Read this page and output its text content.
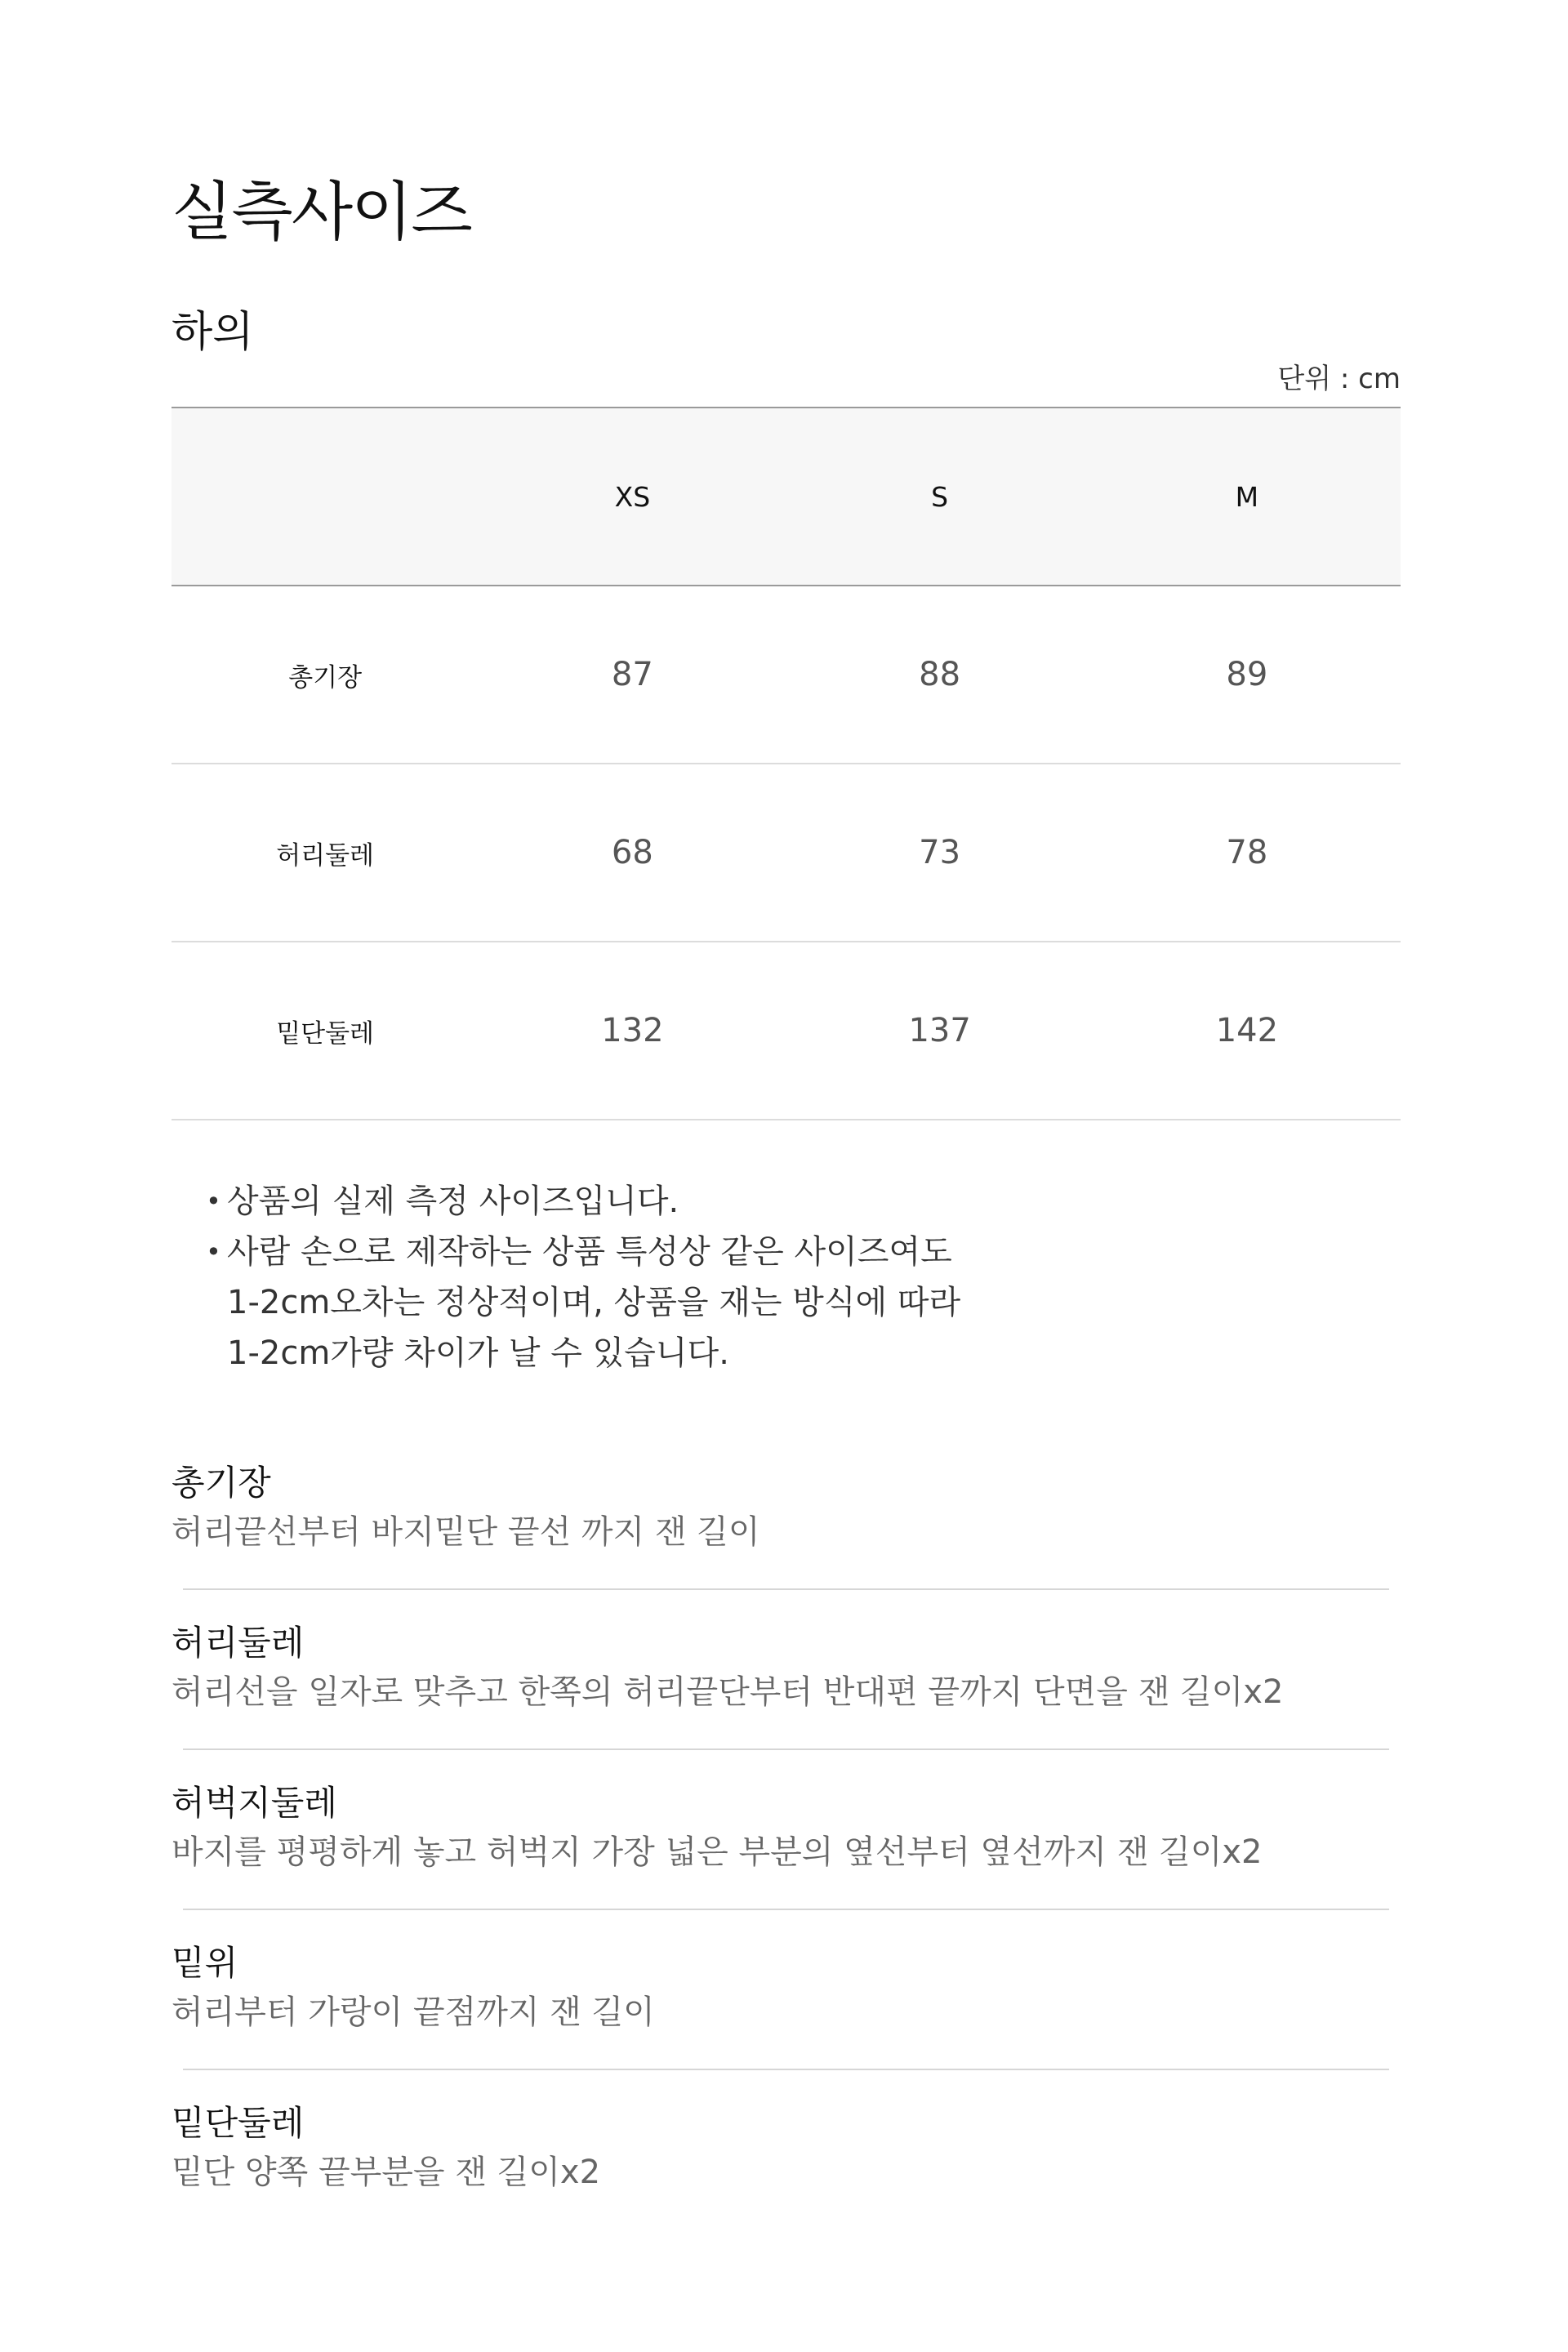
실측사이즈
하의
단위 : cm
	XS	S	M
총기장	87	88	89
허리둘레	68	73	78
밑단둘레	132	137	142
• 상품의 실제 측정 사이즈입니다.
• 사람 손으로 제작하는 상품 특성상 같은 사이즈여도
1-2cm오차는 정상적이며, 상품을 재는 방식에 따라
1-2cm가량 차이가 날 수 있습니다.
총기장
허리끝선부터 바지밑단 끝선 까지 잰 길이
허리둘레
허리선을 일자로 맞추고 한쪽의 허리끝단부터 반대편 끝까지 단면을 잰 길이x2
허벅지둘레
바지를 평평하게 놓고 허벅지 가장 넓은 부분의 옆선부터 옆선까지 잰 길이x2
밑위
허리부터 가랑이 끝점까지 잰 길이
밑단둘레
밑단 양쪽 끝부분을 잰 길이x2
